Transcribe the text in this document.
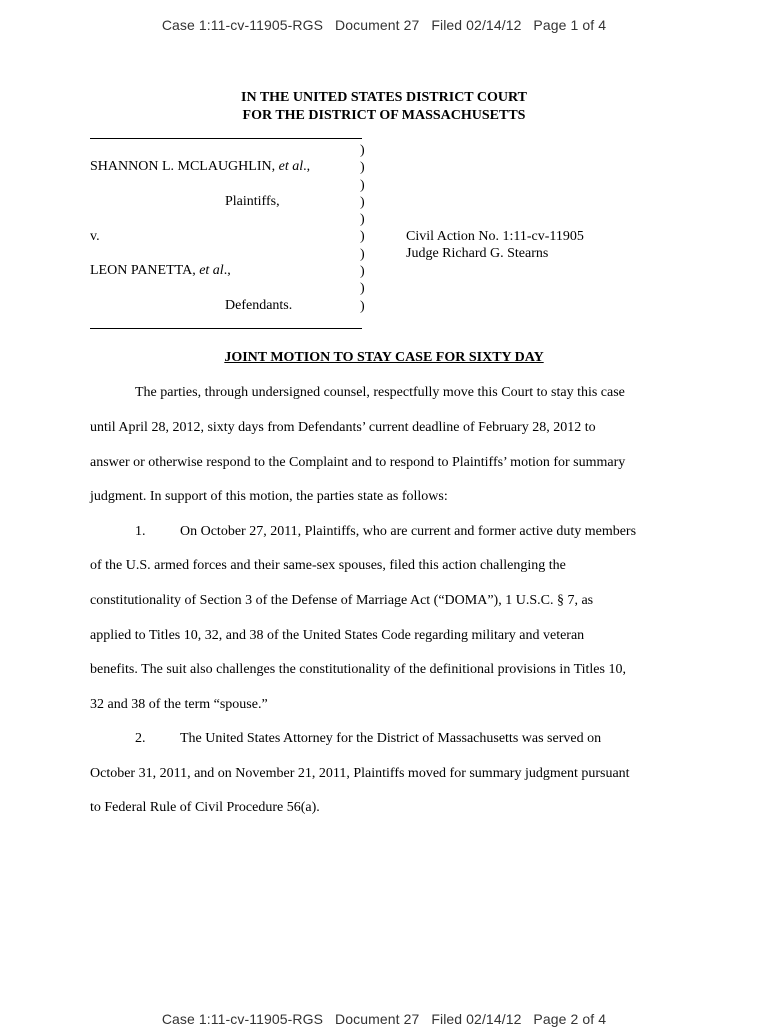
Case 1:11-cv-11905-RGS   Document 27   Filed 02/14/12   Page 1 of 4
IN THE UNITED STATES DISTRICT COURT
FOR THE DISTRICT OF MASSACHUSETTS
)
)
)
)
)
)
)
)
)
)
SHANNON L. MCLAUGHLIN, et al.,
Plaintiffs,
v.	Civil Action No. 1:11-cv-11905
Judge Richard G. Stearns
LEON PANETTA, et al.,
Defendants.
JOINT MOTION TO STAY CASE FOR SIXTY DAY
The parties, through undersigned counsel, respectfully move this Court to stay this case
until April 28, 2012, sixty days from Defendants’ current deadline of February 28, 2012 to
answer or otherwise respond to the Complaint and to respond to Plaintiffs’ motion for summary
judgment. In support of this motion, the parties state as follows:
1. On October 27, 2011, Plaintiffs, who are current and former active duty members
of the U.S. armed forces and their same-sex spouses, filed this action challenging the
constitutionality of Section 3 of the Defense of Marriage Act (“DOMA”), 1 U.S.C. § 7, as
applied to Titles 10, 32, and 38 of the United States Code regarding military and veteran
benefits. The suit also challenges the constitutionality of the definitional provisions in Titles 10,
32 and 38 of the term “spouse.”
2. The United States Attorney for the District of Massachusetts was served on
October 31, 2011, and on November 21, 2011, Plaintiffs moved for summary judgment pursuant
to Federal Rule of Civil Procedure 56(a).
Case 1:11-cv-11905-RGS   Document 27   Filed 02/14/12   Page 2 of 4
